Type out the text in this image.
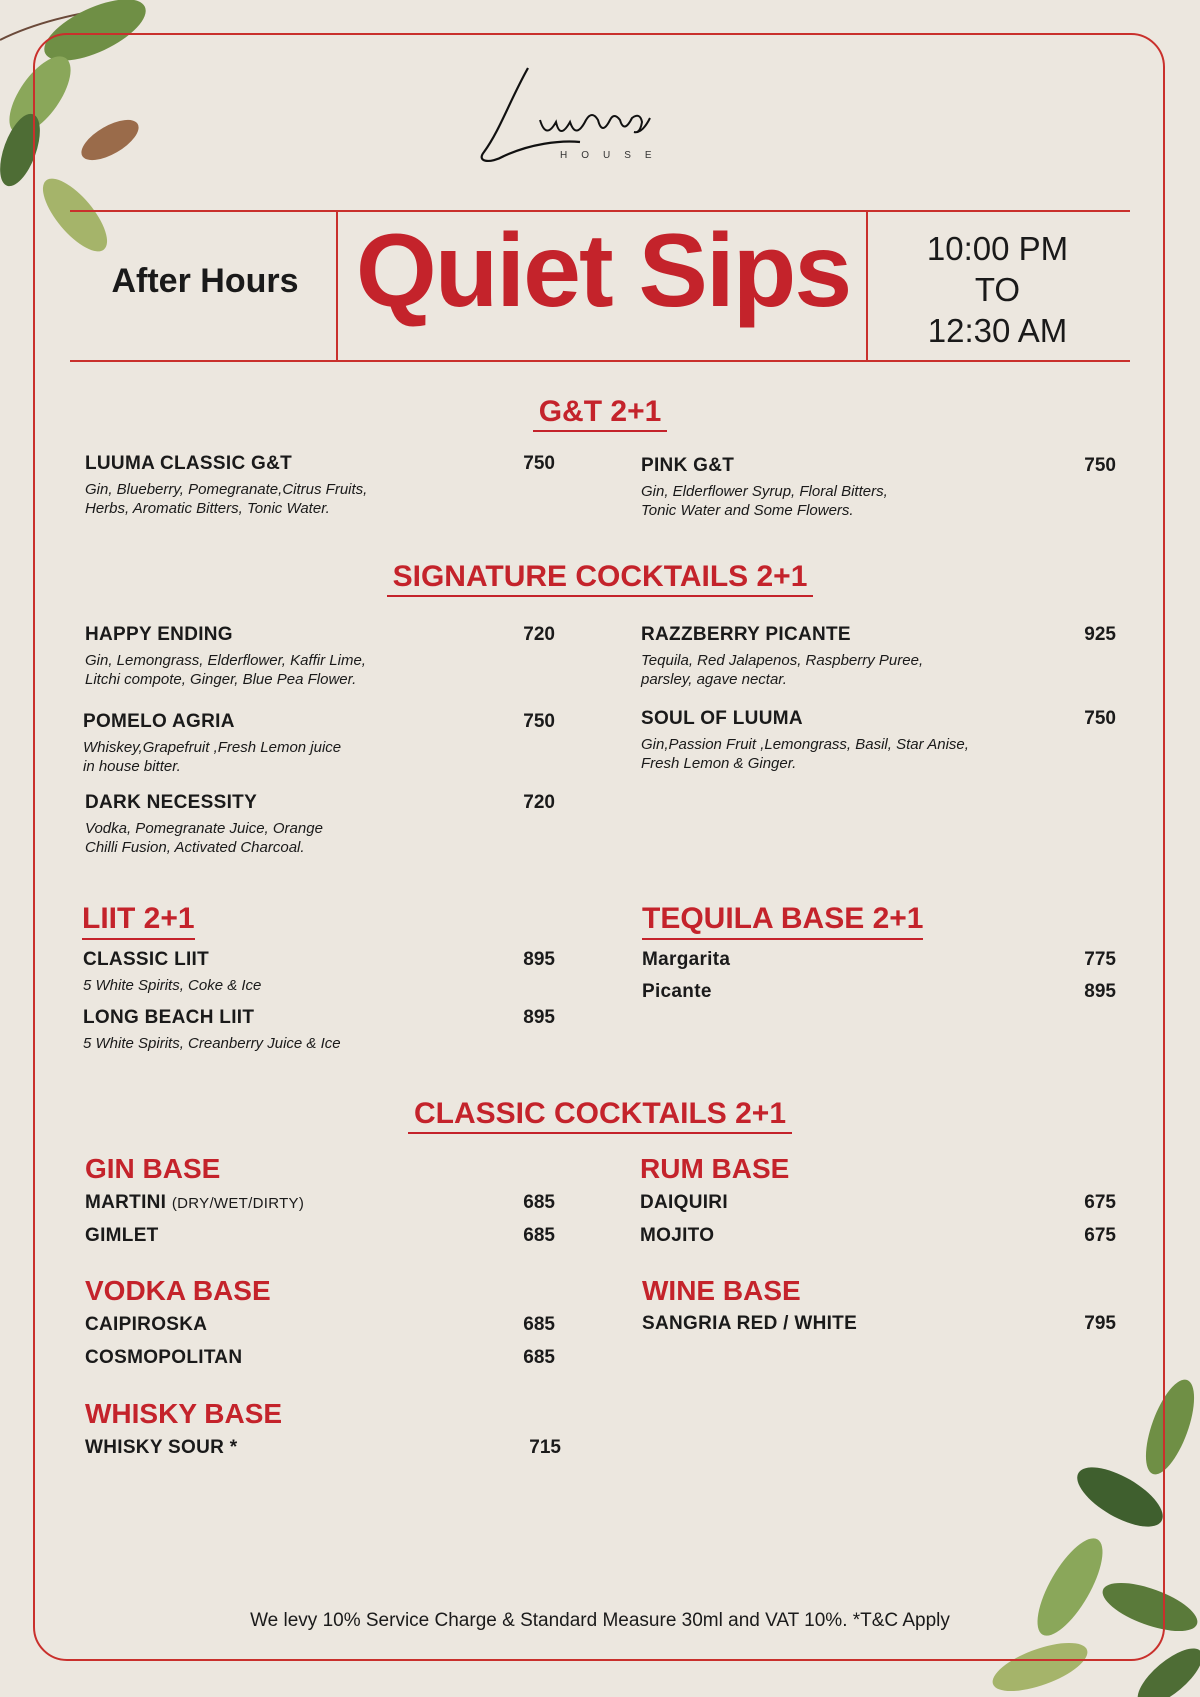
HOUSE
After Hours Quiet Sips	10:00 PM
TO
12:30 AM
G&T 2+1
LUUMA CLASSIC G&T	750
Gin, Blueberry, Pomegranate,Citrus Fruits,
Herbs, Aromatic Bitters, Tonic Water.
PINK G&T	750
Gin, Elderflower Syrup, Floral Bitters,
Tonic Water and Some Flowers.
SIGNATURE COCKTAILS 2+1
HAPPY ENDING	720
Gin, Lemongrass, Elderflower, Kaffir Lime,
Litchi compote, Ginger, Blue Pea Flower.
RAZZBERRY PICANTE	925
Tequila, Red Jalapenos, Raspberry Puree,
parsley, agave nectar.
POMELO AGRIA	750
Whiskey,Grapefruit ,Fresh Lemon juice
in house bitter.
SOUL OF LUUMA	750
Gin,Passion Fruit ,Lemongrass, Basil, Star Anise,
Fresh Lemon & Ginger.
DARK NECESSITY	720
Vodka, Pomegranate Juice, Orange
Chilli Fusion, Activated Charcoal.
LIIT 2+1
CLASSIC LIIT	895
5 White Spirits, Coke & Ice
LONG BEACH LIIT	895
5 White Spirits, Creanberry Juice & Ice
TEQUILA BASE 2+1
Margarita	775
Picante	895
CLASSIC COCKTAILS 2+1
GIN BASE
MARTINI (DRY/WET/DIRTY)	685
GIMLET	685
RUM BASE
DAIQUIRI	675
MOJITO	675
VODKA BASE
CAIPIROSKA	685
COSMOPOLITAN	685
WINE BASE
SANGRIA RED / WHITE	795
WHISKY BASE
WHISKY SOUR *	715
We levy 10% Service Charge & Standard Measure 30ml and VAT 10%. *T&C Apply
